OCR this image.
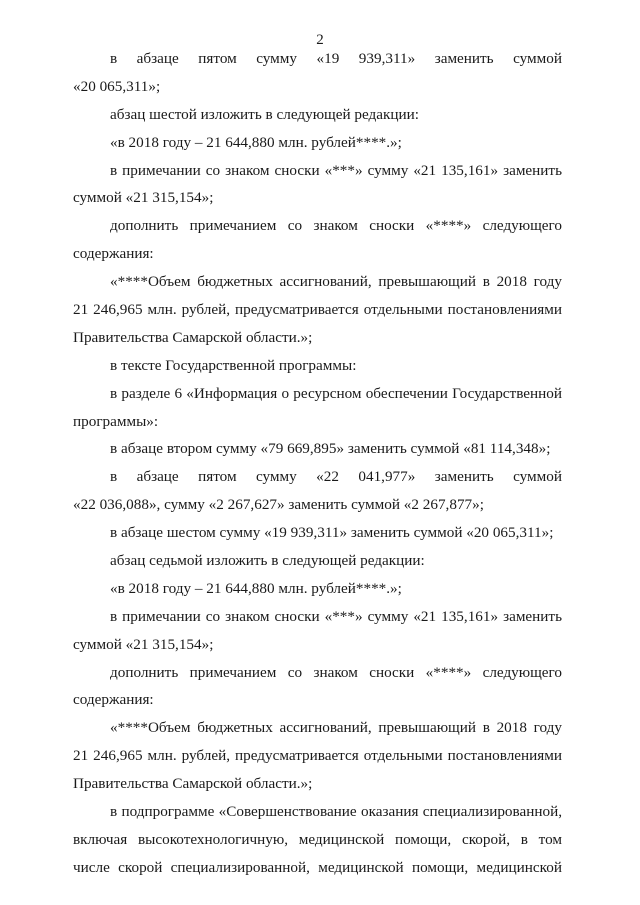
2
в абзаце пятом сумму «19 939,311» заменить суммой
«20 065,311»;
абзац шестой изложить в следующей редакции:
«в 2018 году – 21 644,880 млн. рублей****.»;
в примечании со знаком сноски «***» сумму «21 135,161» заменить
суммой «21 315,154»;
дополнить примечанием со знаком сноски «****» следующего
содержания:
«****Объем бюджетных ассигнований, превышающий в 2018 году
21 246,965 млн. рублей, предусматривается отдельными постановлениями
Правительства Самарской области.»;
в тексте Государственной программы:
в разделе 6 «Информация о ресурсном обеспечении Государственной
программы»:
в абзаце втором сумму «79 669,895» заменить суммой «81 114,348»;
в абзаце пятом сумму «22 041,977» заменить суммой
«22 036,088», сумму «2 267,627» заменить суммой «2 267,877»;
в абзаце шестом сумму «19 939,311» заменить суммой «20 065,311»;
абзац седьмой изложить в следующей редакции:
«в 2018 году – 21 644,880 млн. рублей****.»;
в примечании со знаком сноски «***» сумму «21 135,161» заменить
суммой «21 315,154»;
дополнить примечанием со знаком сноски «****» следующего
содержания:
«****Объем бюджетных ассигнований, превышающий в 2018 году
21 246,965 млн. рублей, предусматривается отдельными постановлениями
Правительства Самарской области.»;
в подпрограмме «Совершенствование оказания специализированной,
включая высокотехнологичную, медицинской помощи, скорой, в том
числе скорой специализированной, медицинской помощи, медицинской
